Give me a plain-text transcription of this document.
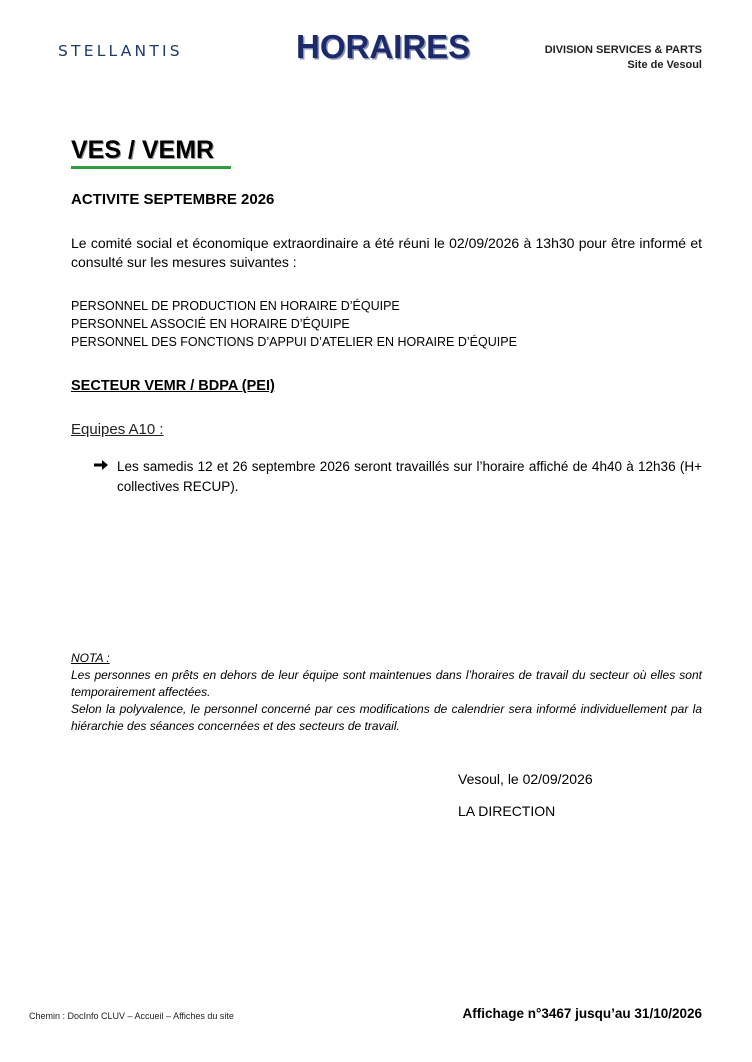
STELLANTIS	HORAIRES	DIVISION SERVICES & PARTS
Site de Vesoul
VES / VEMR
ACTIVITE SEPTEMBRE 2026
Le comité social et économique extraordinaire a été réuni le 02/09/2026 à 13h30 pour être informé et consulté sur les mesures suivantes :
PERSONNEL DE PRODUCTION EN HORAIRE D’ÉQUIPE
PERSONNEL ASSOCIÉ EN HORAIRE D’ÉQUIPE
PERSONNEL DES FONCTIONS D’APPUI D’ATELIER EN HORAIRE D’ÉQUIPE
SECTEUR VEMR / BDPA (PEI)
Equipes A10 :
Les samedis 12 et 26 septembre 2026 seront travaillés sur l’horaire affiché de 4h40 à 12h36 (H+ collectives RECUP).
NOTA :
Les personnes en prêts en dehors de leur équipe sont maintenues dans l’horaires de travail du secteur où elles sont temporairement affectées.
Selon la polyvalence, le personnel concerné par ces modifications de calendrier sera informé individuellement par la hiérarchie des séances concernées et des secteurs de travail.
Vesoul, le 02/09/2026
LA DIRECTION
Chemin : DocInfo CLUV – Accueil – Affiches du site	Affichage n°3467 jusqu’au 31/10/2026
